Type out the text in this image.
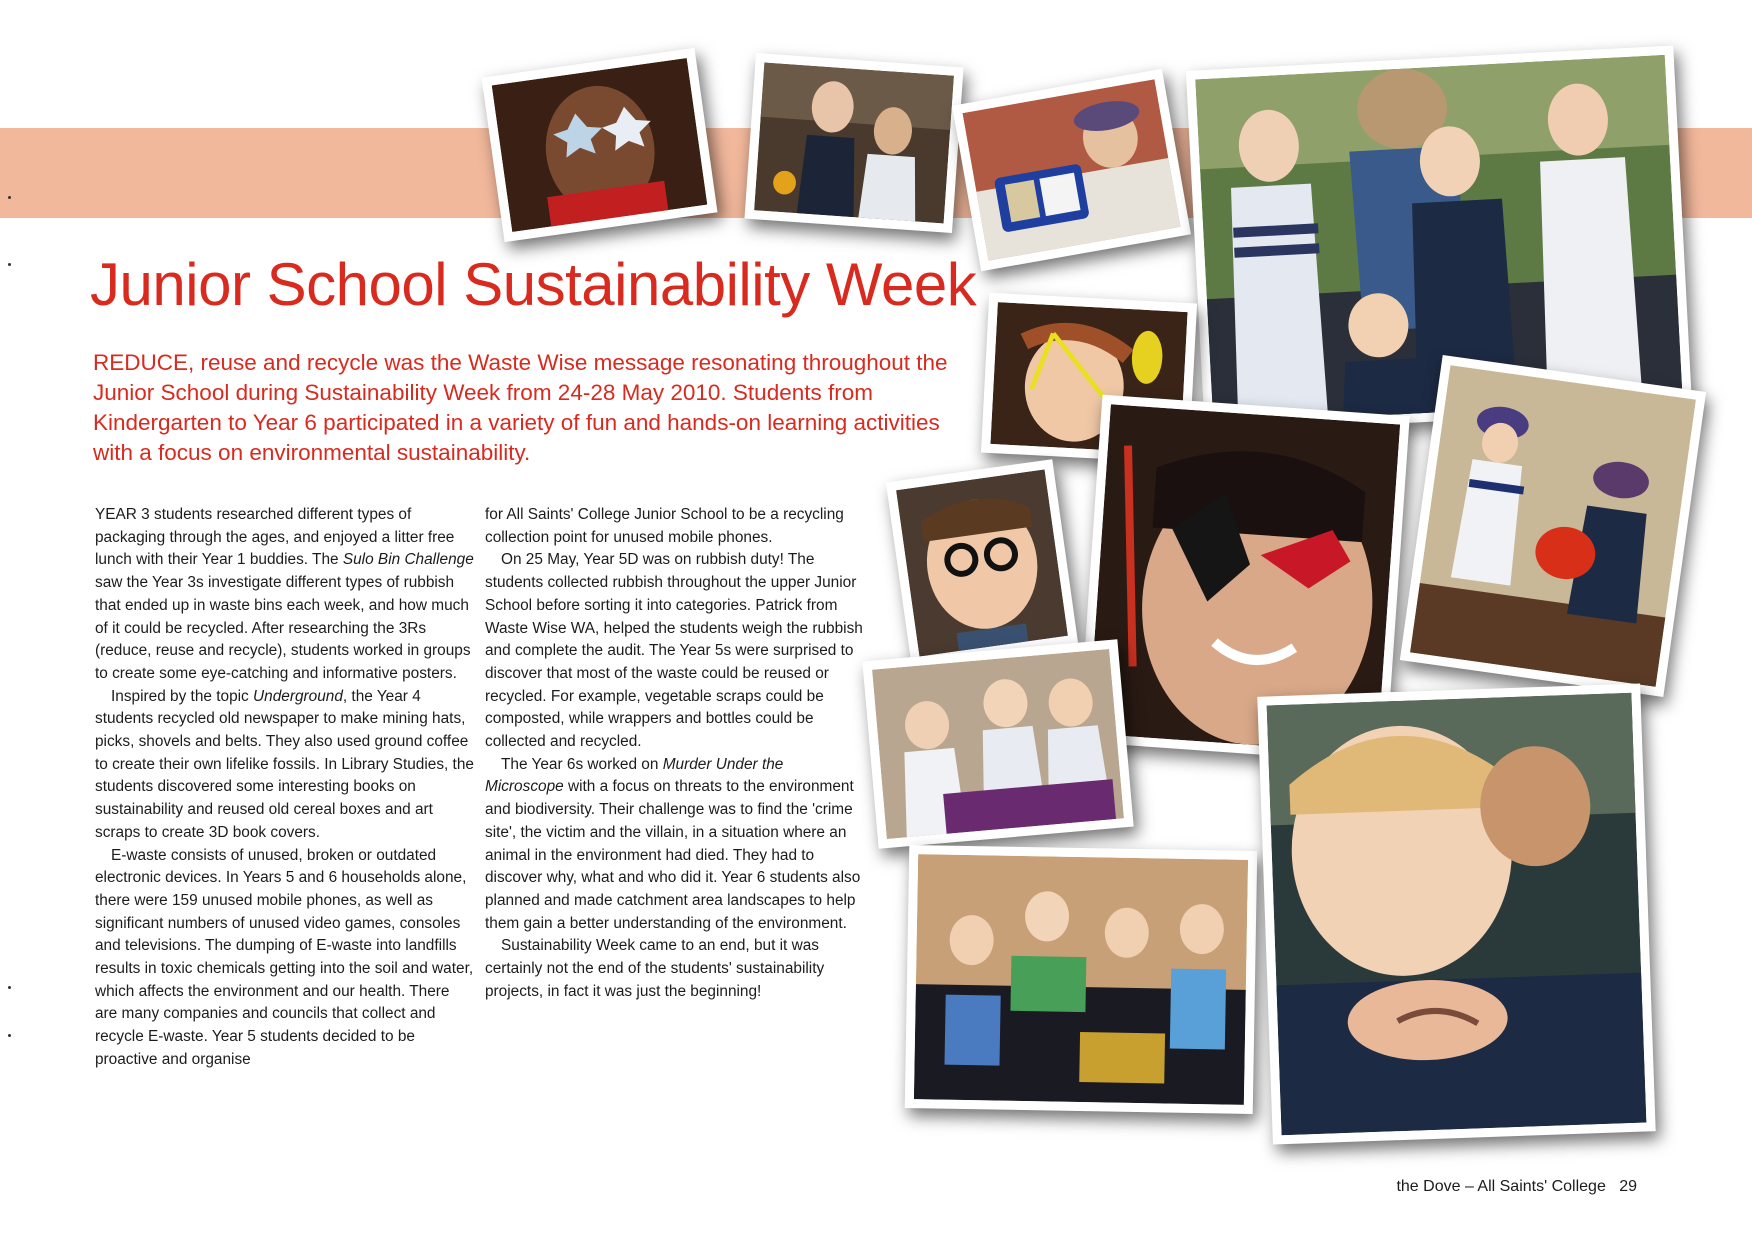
Junior School Sustainability Week

REDUCE, reuse and recycle was the Waste Wise message resonating throughout the Junior School during Sustainability Week from 24-28 May 2010. Students from Kindergarten to Year 6 participated in a variety of fun and hands-on learning activities with a focus on environmental sustainability.

YEAR 3 students researched different types of packaging through the ages, and enjoyed a litter free lunch with their Year 1 buddies. The Sulo Bin Challenge saw the Year 3s investigate different types of rubbish that ended up in waste bins each week, and how much of it could be recycled. After researching the 3Rs (reduce, reuse and recycle), students worked in groups to create some eye-catching and informative posters.

Inspired by the topic Underground, the Year 4 students recycled old newspaper to make mining hats, picks, shovels and belts. They also used ground coffee to create their own lifelike fossils. In Library Studies, the students discovered some interesting books on sustainability and reused old cereal boxes and art scraps to create 3D book covers.

E-waste consists of unused, broken or outdated electronic devices. In Years 5 and 6 households alone, there were 159 unused mobile phones, as well as significant numbers of unused video games, consoles and televisions. The dumping of E-waste into landfills results in toxic chemicals getting into the soil and water, which affects the environment and our health. There are many companies and councils that collect and recycle E-waste. Year 5 students decided to be proactive and organise

for All Saints' College Junior School to be a recycling collection point for unused mobile phones.

On 25 May, Year 5D was on rubbish duty! The students collected rubbish throughout the upper Junior School before sorting it into categories. Patrick from Waste Wise WA, helped the students weigh the rubbish and complete the audit. The Year 5s were surprised to discover that most of the waste could be reused or recycled. For example, vegetable scraps could be composted, while wrappers and bottles could be collected and recycled.

The Year 6s worked on Murder Under the Microscope with a focus on threats to the environment and biodiversity. Their challenge was to find the 'crime site', the victim and the villain, in a situation where an animal in the environment had died. They had to discover why, what and who did it. Year 6 students also planned and made catchment area landscapes to help them gain a better understanding of the environment.

Sustainability Week came to an end, but it was certainly not the end of the students' sustainability projects, in fact it was just the beginning!

the Dove – All Saints' College 29
